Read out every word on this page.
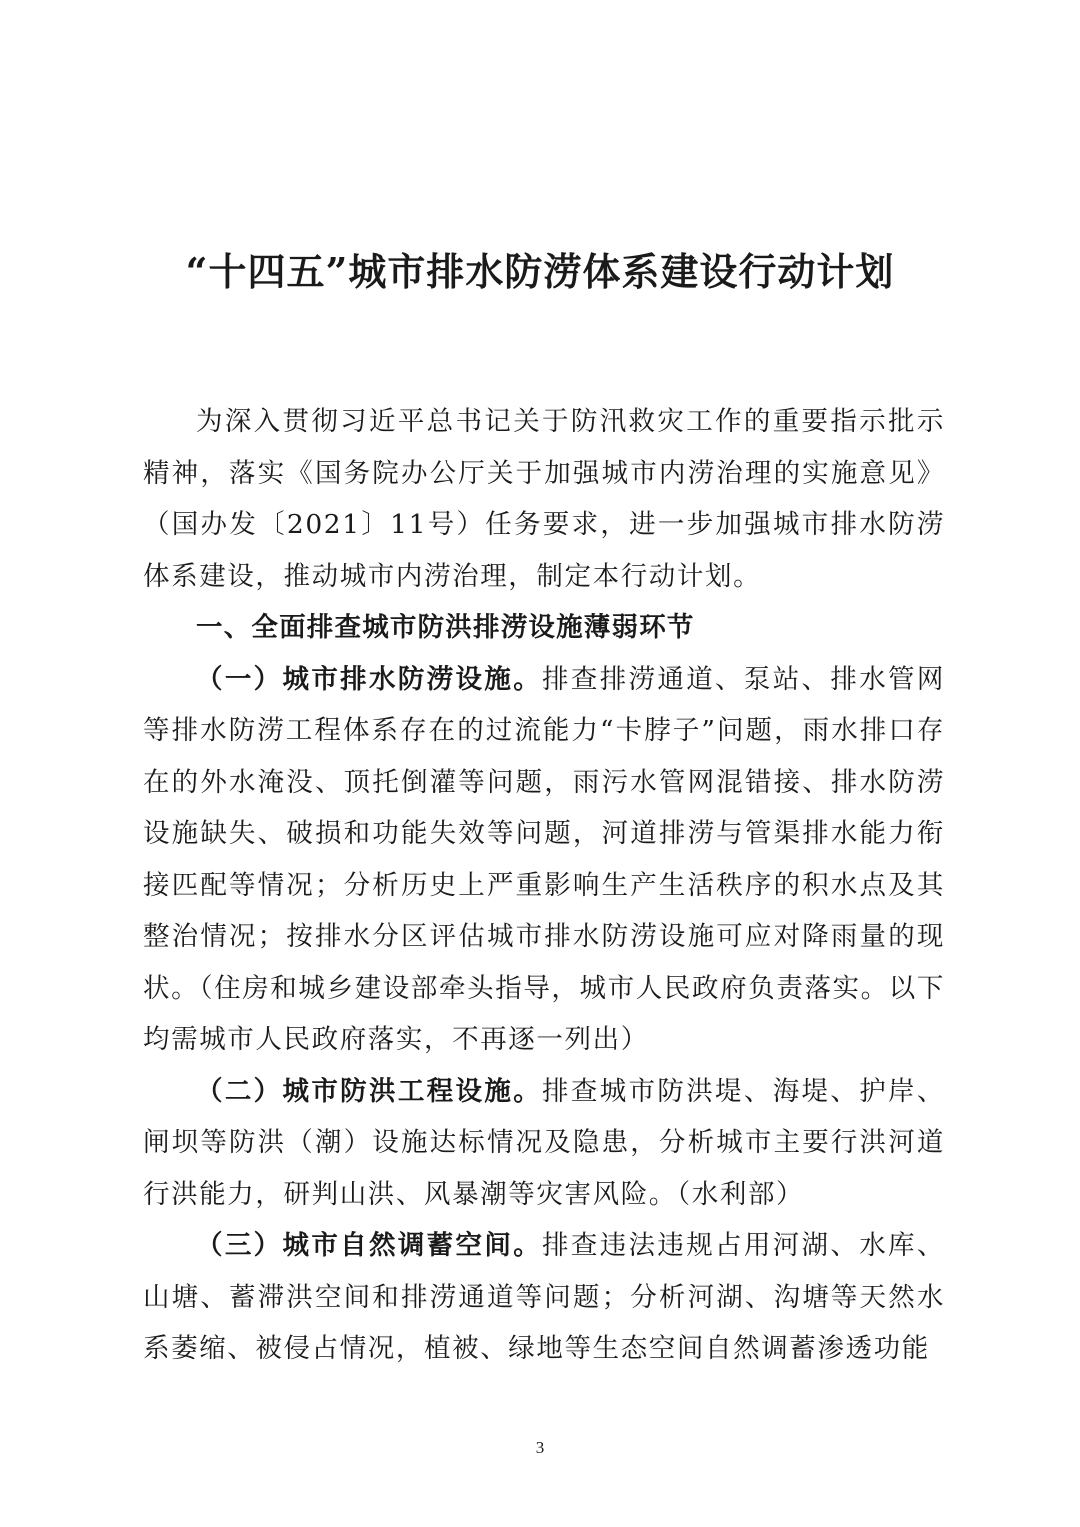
“十四五”城市排水防涝体系建设行动计划

为深入贯彻习近平总书记关于防汛救灾工作的重要指示批示精神，落实《国务院办公厅关于加强城市内涝治理的实施意见》（国办发〔2021〕11号）任务要求，进一步加强城市排水防涝体系建设，推动城市内涝治理，制定本行动计划。

一、全面排查城市防洪排涝设施薄弱环节

（一）城市排水防涝设施。排查排涝通道、泵站、排水管网等排水防涝工程体系存在的过流能力“卡脖子”问题，雨水排口存在的外水淹没、顶托倒灌等问题，雨污水管网混错接、排水防涝设施缺失、破损和功能失效等问题，河道排涝与管渠排水能力衔接匹配等情况；分析历史上严重影响生产生活秩序的积水点及其整治情况；按排水分区评估城市排水防涝设施可应对降雨量的现状。（住房和城乡建设部牵头指导，城市人民政府负责落实。以下均需城市人民政府落实，不再逐一列出）

（二）城市防洪工程设施。排查城市防洪堤、海堤、护岸、闸坝等防洪（潮）设施达标情况及隐患，分析城市主要行洪河道行洪能力，研判山洪、风暴潮等灾害风险。（水利部）

（三）城市自然调蓄空间。排查违法违规占用河湖、水库、山塘、蓄滞洪空间和排涝通道等问题；分析河湖、沟塘等天然水系萎缩、被侵占情况，植被、绿地等生态空间自然调蓄渗透功能

3
